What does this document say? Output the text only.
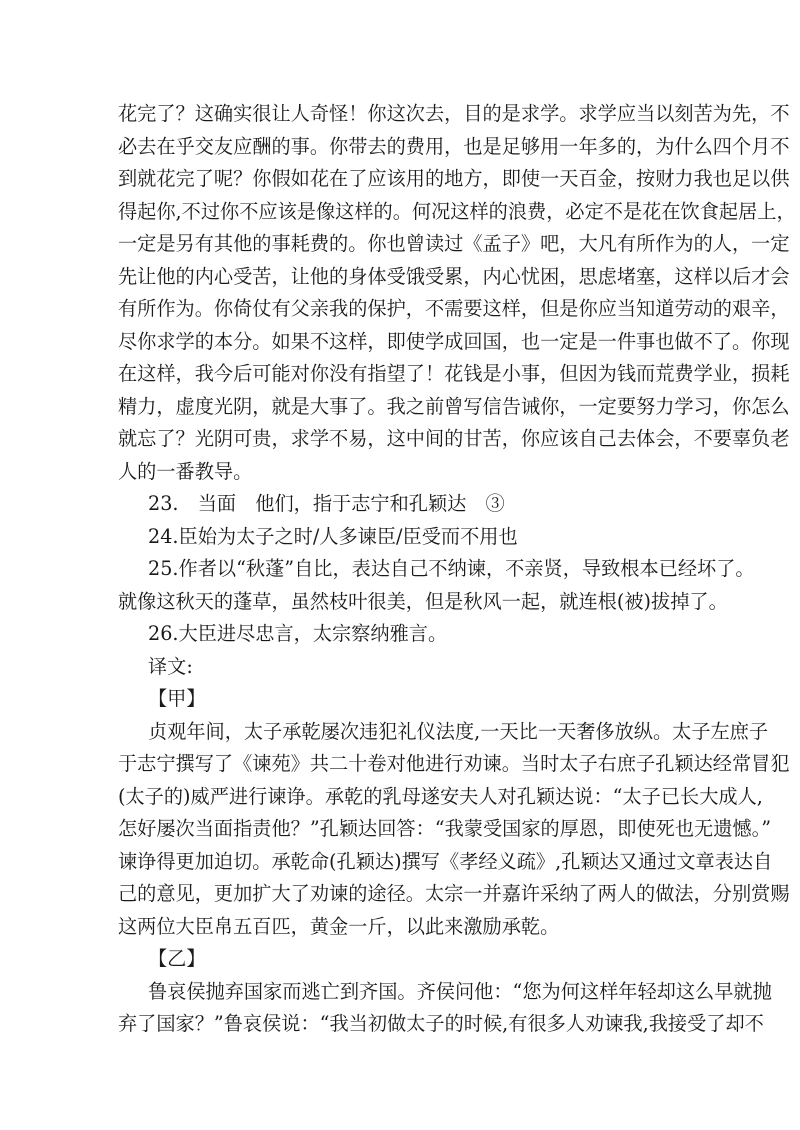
花完了？这确实很让人奇怪！你这次去，目的是求学。求学应当以刻苦为先，不
必去在乎交友应酬的事。你带去的费用，也是足够用一年多的，为什么四个月不
到就花完了呢？你假如花在了应该用的地方，即使一天百金，按财力我也足以供
得起你,不过你不应该是像这样的。何况这样的浪费，必定不是花在饮食起居上，
一定是另有其他的事耗费的。你也曾读过《孟子》吧，大凡有所作为的人，一定
先让他的内心受苦，让他的身体受饿受累，内心忧困，思虑堵塞，这样以后才会
有所作为。你倚仗有父亲我的保护，不需要这样，但是你应当知道劳动的艰辛，
尽你求学的本分。如果不这样，即使学成回国，也一定是一件事也做不了。你现
在这样，我今后可能对你没有指望了！花钱是小事，但因为钱而荒费学业，损耗
精力，虚度光阴，就是大事了。我之前曾写信告诫你，一定要努力学习，你怎么
就忘了？光阴可贵，求学不易，这中间的甘苦，你应该自己去体会，不要辜负老
人的一番教导。
23.　当面　他们，指于志宁和孔颖达　③
24.臣始为太子之时/人多谏臣/臣受而不用也
25.作者以“秋蓬”自比，表达自己不纳谏，不亲贤，导致根本已经坏了。
就像这秋天的蓬草，虽然枝叶很美，但是秋风一起，就连根(被)拔掉了。
26.大臣进尽忠言，太宗察纳雅言。
译文:
【甲】
贞观年间，太子承乾屡次违犯礼仪法度,一天比一天奢侈放纵。太子左庶子
于志宁撰写了《谏苑》共二十卷对他进行劝谏。当时太子右庶子孔颖达经常冒犯
(太子的)威严进行谏诤。承乾的乳母遂安夫人对孔颖达说：“太子已长大成人,
怎好屡次当面指责他？”孔颖达回答：“我蒙受国家的厚恩，即使死也无遗憾。”
谏诤得更加迫切。承乾命(孔颖达)撰写《孝经义疏》,孔颖达又通过文章表达自
己的意见，更加扩大了劝谏的途径。太宗一并嘉许采纳了两人的做法，分别赏赐
这两位大臣帛五百匹，黄金一斤，以此来激励承乾。
【乙】
鲁哀侯抛弃国家而逃亡到齐国。齐侯问他：“您为何这样年轻却这么早就抛
弃了国家？”鲁哀侯说：“我当初做太子的时候,有很多人劝谏我,我接受了却不
